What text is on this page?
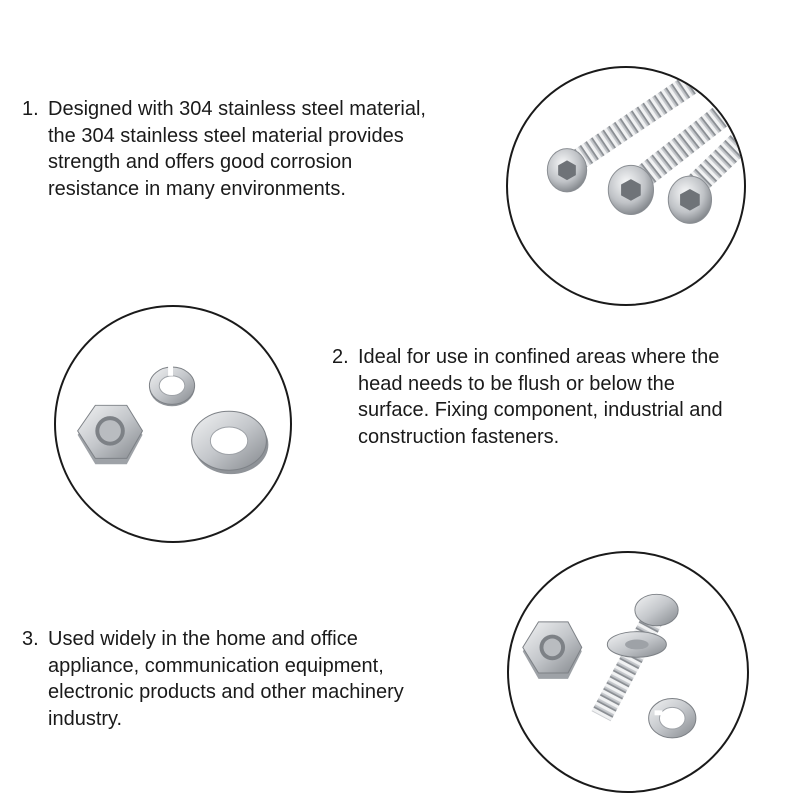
1. Designed with 304 stainless steel material,
the 304 stainless steel material provides
strength and offers good corrosion
resistance in many environments.
2. Ideal for use in confined areas where the
head needs to be flush or below the
surface. Fixing component, industrial and
construction fasteners.
3. Used widely in the home and office
appliance, communication equipment,
electronic products and other machinery
industry.
